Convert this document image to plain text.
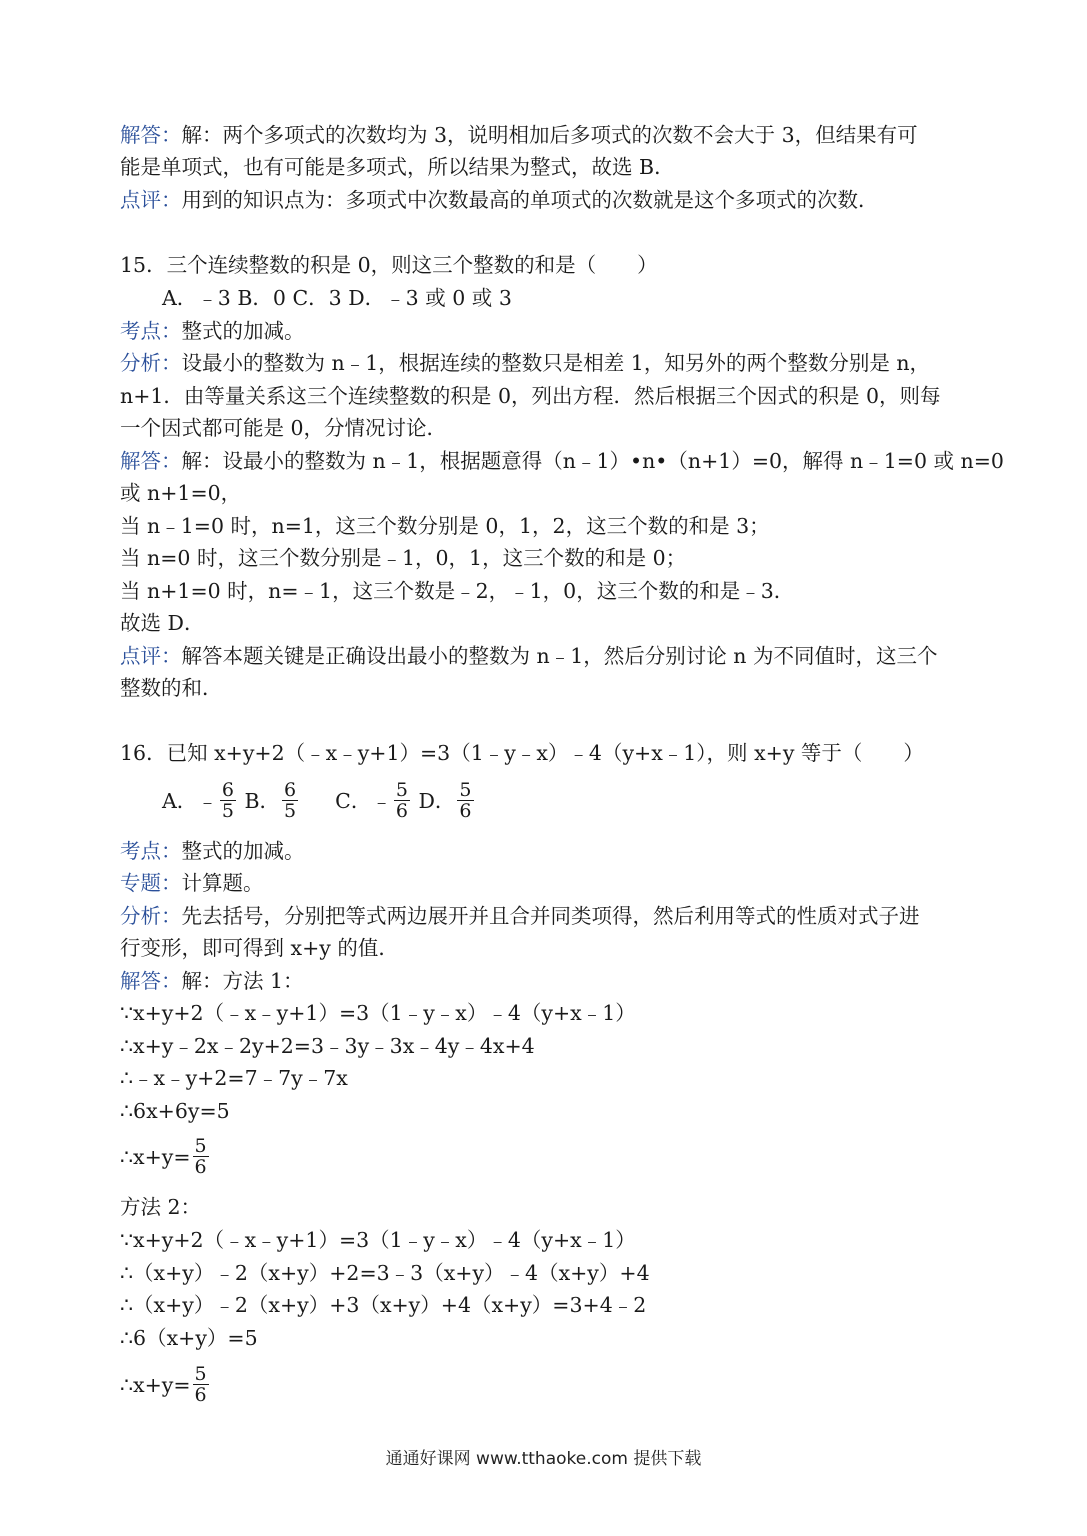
解答：解：两个多项式的次数均为 3，说明相加后多项式的次数不会大于 3，但结果有可
能是单项式，也有可能是多项式，所以结果为整式，故选 B．
点评：用到的知识点为：多项式中次数最高的单项式的次数就是这个多项式的次数．
15．三个连续整数的积是 0，则这三个整数的和是（　　）
A．﹣3 B．0 C．3 D．﹣3 或 0 或 3
考点：整式的加减。
分析：设最小的整数为 n﹣1，根据连续的整数只是相差 1，知另外的两个整数分别是 n，
n+1．由等量关系这三个连续整数的积是 0，列出方程．然后根据三个因式的积是 0，则每
一个因式都可能是 0，分情况讨论．
解答：解：设最小的整数为 n﹣1，根据题意得（n﹣1）•n•（n+1）=0，解得 n﹣1=0 或 n=0
或 n+1=0，
当 n﹣1=0 时，n=1，这三个数分别是 0，1，2，这三个数的和是 3；
当 n=0 时，这三个数分别是﹣1，0，1，这三个数的和是 0；
当 n+1=0 时，n=﹣1，这三个数是﹣2，﹣1，0，这三个数的和是﹣3．
故选 D．
点评：解答本题关键是正确设出最小的整数为 n﹣1，然后分别讨论 n 为不同值时，这三个
整数的和．
16．已知 x+y+2（﹣x﹣y+1）=3（1﹣y﹣x）﹣4（y+x﹣1），则 x+y 等于（　　）
A．﹣ $\frac{6}{5}$ B． $\frac{6}{5}$ C．﹣ $\frac{5}{6}$ D． $\frac{5}{6}$
考点：整式的加减。
专题：计算题。
分析：先去括号，分别把等式两边展开并且合并同类项得，然后利用等式的性质对式子进
行变形，即可得到 x+y 的值．
解答：解：方法 1：
∵x+y+2（﹣x﹣y+1）=3（1﹣y﹣x）﹣4（y+x﹣1）
∴x+y﹣2x﹣2y+2=3﹣3y﹣3x﹣4y﹣4x+4
∴﹣x﹣y+2=7﹣7y﹣7x
∴6x+6y=5
∴x+y= $\frac{5}{6}$
方法 2：
∵x+y+2（﹣x﹣y+1）=3（1﹣y﹣x）﹣4（y+x﹣1）
∴（x+y）﹣2（x+y）+2=3﹣3（x+y）﹣4（x+y）+4
∴（x+y）﹣2（x+y）+3（x+y）+4（x+y）=3+4﹣2
∴6（x+y）=5
∴x+y= $\frac{5}{6}$
通通好课网 www.tthaoke.com 提供下载
